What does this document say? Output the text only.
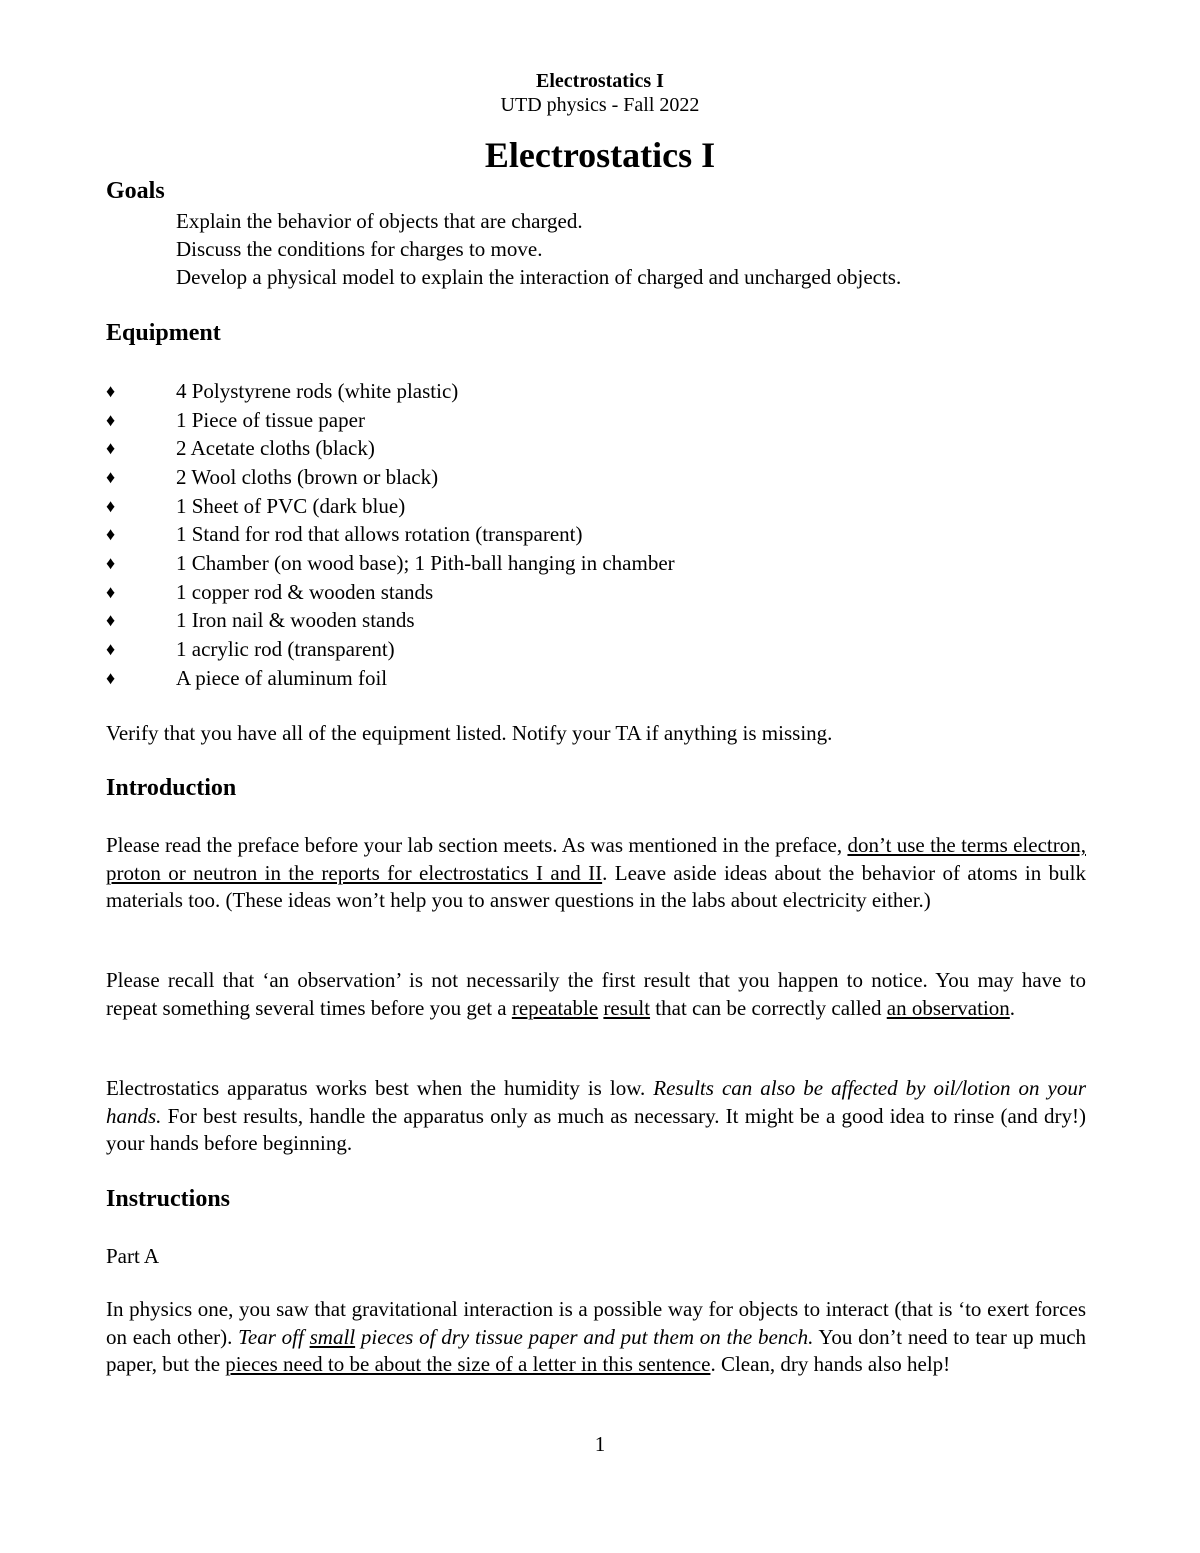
Electrostatics I
UTD physics - Fall 2022
Electrostatics I
Goals
Explain the behavior of objects that are charged.
Discuss the conditions for charges to move.
Develop a physical model to explain the interaction of charged and uncharged objects.
Equipment
♦	4 Polystyrene rods (white plastic)
♦	1 Piece of tissue paper
♦	2 Acetate cloths (black)
♦	2 Wool cloths (brown or black)
♦	1 Sheet of PVC (dark blue)
♦	1 Stand for rod that allows rotation (transparent)
♦	1 Chamber (on wood base); 1 Pith-ball hanging in chamber
♦	1 copper rod & wooden stands
♦	1 Iron nail & wooden stands
♦	1 acrylic rod (transparent)
♦	A piece of aluminum foil
Verify that you have all of the equipment listed. Notify your TA if anything is missing.
Introduction
Please read the preface before your lab section meets. As was mentioned in the preface, don’t use the terms electron, proton or neutron in the reports for electrostatics I and II. Leave aside ideas about the behavior of atoms in bulk materials too. (These ideas won’t help you to answer questions in the labs about electricity either.)
Please recall that ‘an observation’ is not necessarily the first result that you happen to notice. You may have to repeat something several times before you get a repeatable result that can be correctly called an observation.
Electrostatics apparatus works best when the humidity is low. Results can also be affected by oil/lotion on your hands. For best results, handle the apparatus only as much as necessary. It might be a good idea to rinse (and dry!) your hands before beginning.
Instructions
Part A
In physics one, you saw that gravitational interaction is a possible way for objects to interact (that is ‘to exert forces on each other). Tear off small pieces of dry tissue paper and put them on the bench. You don’t need to tear up much paper, but the pieces need to be about the size of a letter in this sentence. Clean, dry hands also help!
1
